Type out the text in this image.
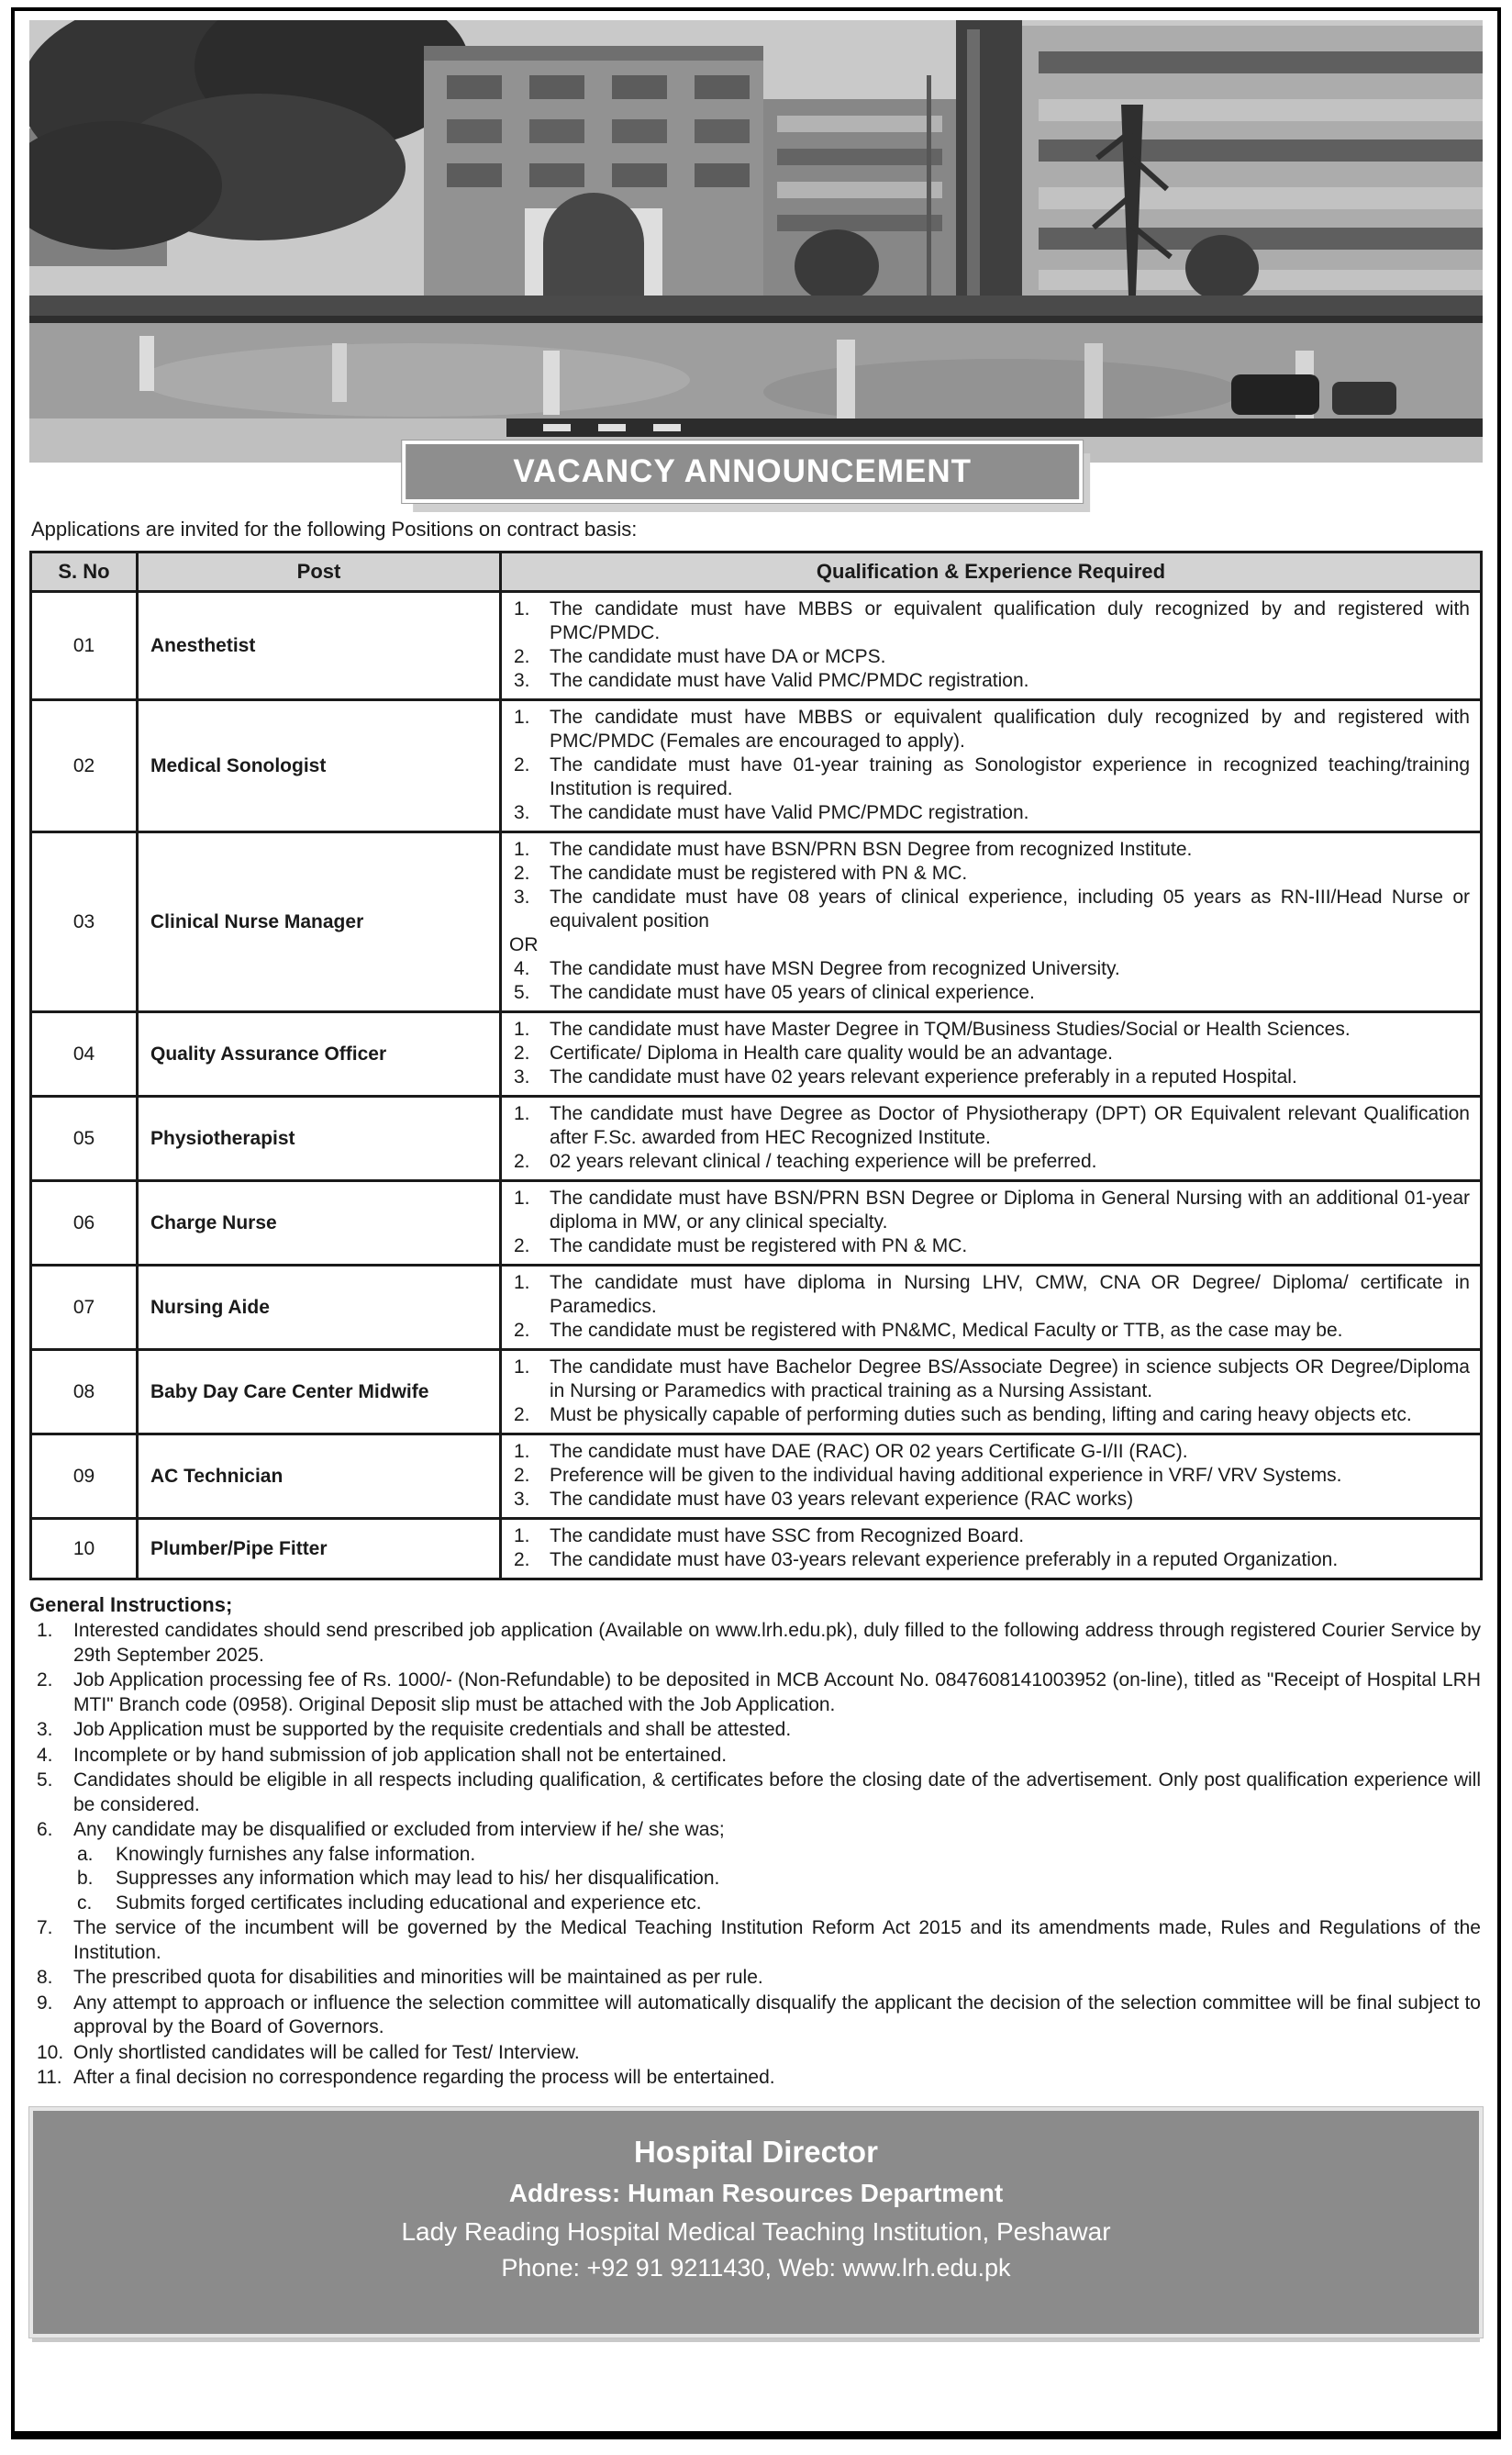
VACANCY ANNOUNCEMENT

Applications are invited for the following Positions on contract basis:

S. No	Post	Qualification & Experience Required
01	Anesthetist	
1.	The candidate must have MBBS or equivalent qualification duly recognized by and registered with PMC/PMDC.
2.	The candidate must have DA or MCPS.
3.	The candidate must have Valid PMC/PMDC registration.

02	Medical Sonologist	
1.	The candidate must have MBBS or equivalent qualification duly recognized by and registered with PMC/PMDC (Females are encouraged to apply).
2.	The candidate must have 01-year training as Sonologistor experience in recognized teaching/training Institution is required.
3.	The candidate must have Valid PMC/PMDC registration.

03	Clinical Nurse Manager	
1.	The candidate must have BSN/PRN BSN Degree from recognized Institute.
2.	The candidate must be registered with PN & MC.
3.	The candidate must have 08 years of clinical experience, including 05 years as RN-III/Head Nurse or equivalent position
OR
4.	The candidate must have MSN Degree from recognized University.
5.	The candidate must have 05 years of clinical experience.

04	Quality Assurance Officer	
1.	The candidate must have Master Degree in TQM/Business Studies/Social or Health Sciences.
2.	Certificate/ Diploma in Health care quality would be an advantage.
3.	The candidate must have 02 years relevant experience preferably in a reputed Hospital.

05	Physiotherapist	1. The candidate must have Degree as Doctor of Physiotherapy (DPT) OR Equivalent relevant Qualification after F.Sc. awarded from HEC Recognized Institute.
2. 02 years relevant clinical / teaching experience will be preferred.

06	Charge Nurse	1. The candidate must have BSN/PRN BSN Degree or Diploma in General Nursing with an additional 01-year diploma in MW, or any clinical specialty.
2. The candidate must be registered with PN & MC.

07	Nursing Aide	1. The candidate must have diploma in Nursing LHV, CMW, CNA OR Degree/ Diploma/ certificate in Paramedics.
2. The candidate must be registered with PN&MC, Medical Faculty or TTB, as the case may be.

08	Baby Day Care Center Midwife	1. The candidate must have Bachelor Degree BS/Associate Degree) in science subjects OR Degree/Diploma in Nursing or Paramedics with practical training as a Nursing Assistant.
2. Must be physically capable of performing duties such as bending, lifting and caring heavy objects etc.

09	AC Technician	
1.	The candidate must have DAE (RAC) OR 02 years Certificate G-I/II (RAC).
2.	Preference will be given to the individual having additional experience in VRF/ VRV Systems.
3.	The candidate must have 03 years relevant experience (RAC works)

10	Plumber/Pipe Fitter	1. The candidate must have SSC from Recognized Board.
2. The candidate must have 03-years relevant experience preferably in a reputed Organization.
General Instructions;
1.	Interested candidates should send prescribed job application (Available on www.lrh.edu.pk), duly filled to the following address through registered Courier Service by 29th September 2025.
2.	Job Application processing fee of Rs. 1000/- (Non-Refundable) to be deposited in MCB Account No. 0847608141003952 (on-line), titled as "Receipt of Hospital LRH MTI" Branch code (0958). Original Deposit slip must be attached with the Job Application.
3.	Job Application must be supported by the requisite credentials and shall be attested.
4.	Incomplete or by hand submission of job application shall not be entertained.
5.	Candidates should be eligible in all respects including qualification, & certificates before the closing date of the advertisement. Only post qualification experience will be considered.
6.	Any candidate may be disqualified or excluded from interview if he/ she was;
a.	Knowingly furnishes any false information.
b.	Suppresses any information which may lead to his/ her disqualification.
c.	Submits forged certificates including educational and experience etc.
7.	The service of the incumbent will be governed by the Medical Teaching Institution Reform Act 2015 and its amendments made, Rules and Regulations of the Institution.
8.	The prescribed quota for disabilities and minorities will be maintained as per rule.
9.	Any attempt to approach or influence the selection committee will automatically disqualify the applicant the decision of the selection committee will be final subject to approval by the Board of Governors.
10. Only shortlisted candidates will be called for Test/ Interview.
11. After a final decision no correspondence regarding the process will be entertained.
Hospital Director
Address: Human Resources Department
Lady Reading Hospital Medical Teaching Institution, Peshawar
Phone: +92 91 9211430, Web: www.lrh.edu.pk
